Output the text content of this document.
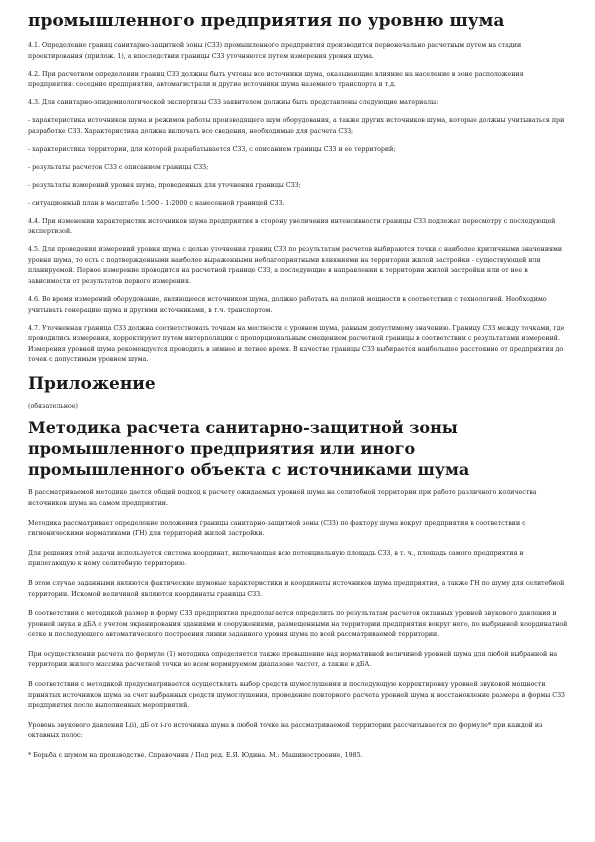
промышленного предприятия по уровню шума

4.1. Определение границ санитарно-защитной зоны (СЗЗ) промышленного предприятия производится первоначально расчетным путем на стадии проектирования (прилож. 1), а впоследствии границы СЗЗ уточняются путем измерения уровня шума.

4.2. При расчетном определении границ СЗЗ должны быть учтены все источники шума, оказывающие влияние на население в зоне расположения предприятия: соседние предприятия, автомагистрали и другие источники шума наземного транспорта и т.д.

4.3. Для санитарно-эпидемиологической экспертизы СЗЗ заявителем должны быть представлены следующие материалы:

- характеристика источников шума и режимов работы производящего шум оборудования, а также других источников шума, которые должны учитываться при разработке СЗЗ. Характеристика должна включать все сведения, необходимые для расчета СЗЗ;

- характеристика территории, для которой разрабатывается СЗЗ, с описанием границы СЗЗ и ее территорий;

- результаты расчетов СЗЗ с описанием границы СЗЗ;

- результаты измерений уровня шума, проведенных для уточнения границы СЗЗ;

- ситуационный план в масштабе 1:500 - 1:2000 с нанесенной границей СЗЗ.

4.4. При изменении характеристик источников шума предприятия в сторону увеличения интенсивности границы СЗЗ подлежат пересмотру с последующей экспертизой.

4.5. Для проведения измерений уровня шума с целью уточнения границ СЗЗ по результатам расчетов выбираются точки с наиболее критичными значениями уровня шума, то есть с подтвержденными наиболее выраженными неблагоприятными влияниями на территории жилой застройки - существующей или планируемой. Первое измерение проводится на расчетной границе СЗЗ, а последующие в направлении к территории жилой застройки или от нее в зависимости от результатов первого измерения.

4.6. Во время измерений оборудование, являющееся источником шума, должно работать на полной мощности в соответствии с технологией. Необходимо учитывать генерацию шума и другими источниками, в т.ч. транспортом.

4.7. Уточненная граница СЗЗ должна соответствовать точкам на местности с уровнем шума, равным допустимому значению. Границу СЗЗ между точками, где проводились измерения, корректируют путем интерполяции с пропорциональным смещением расчетной границы в соответствии с результатами измерений. Измерения уровней шума рекомендуется проводить в зимнее и летнее время. В качестве границы СЗЗ выбирается наибольшее расстояние от предприятия до точек с допустимым уровнем шума.

Приложение

(обязательное)

Методика расчета санитарно-защитной зоны промышленного предприятия или иного промышленного объекта с источниками шума

В рассматриваемой методике дается общий подход к расчету ожидаемых уровней шума на селитебной территории при работе различного количества источников шума на самом предприятии.

Методика рассматривает определение положения границы санитарно-защитной зоны (СЗЗ) по фактору шума вокруг предприятия в соответствии с гигиеническими нормативами (ГН) для территорий жилой застройки.

Для решения этой задачи используется система координат, включающая всю потенциальную площадь СЗЗ, в т. ч., площадь самого предприятия и прилегающую к нему селитебную территорию.

В этом случае заданными являются фактические шумовые характеристики и координаты источников шума предприятия, а также ГН по шуму для селитебной территории. Искомой величиной являются координаты границы СЗЗ.

В соответствии с методикой размер и форму СЗЗ предприятия предполагается определить по результатам расчетов октавных уровней звукового давления и уровней звука в дБА с учетом экранирования зданиями и сооружениями, размещенными на территории предприятия вокруг него, по выбранной координатной сетке и последующего автоматического построения линии заданного уровня шума по всей рассматриваемой территории.

При осуществлении расчета по формуле (1) методика определяется также превышение над нормативной величиной уровней шума для любой выбранной на территории жилого массива расчетной точки во всем нормируемом диапазоне частот, а также в дБА.

В соответствии с методикой предусматривается осуществлять выбор средств шумоглушения и последующую корректировку уровней звуковой мощности принятых источников шума за счет выбранных средств шумоглушения, проведение повторного расчета уровней шума и восстановление размера и формы СЗЗ предприятия после выполненных мероприятий.

Уровень звукового давления L(i), дБ от i-го источника шума в любой точке на рассматриваемой территории рассчитывается по формуле* при каждой из октавных полос:

* Борьба с шумом на производстве. Справочник / Под ред. Е.Я. Юдина. М.: Машиностроение, 1985.
